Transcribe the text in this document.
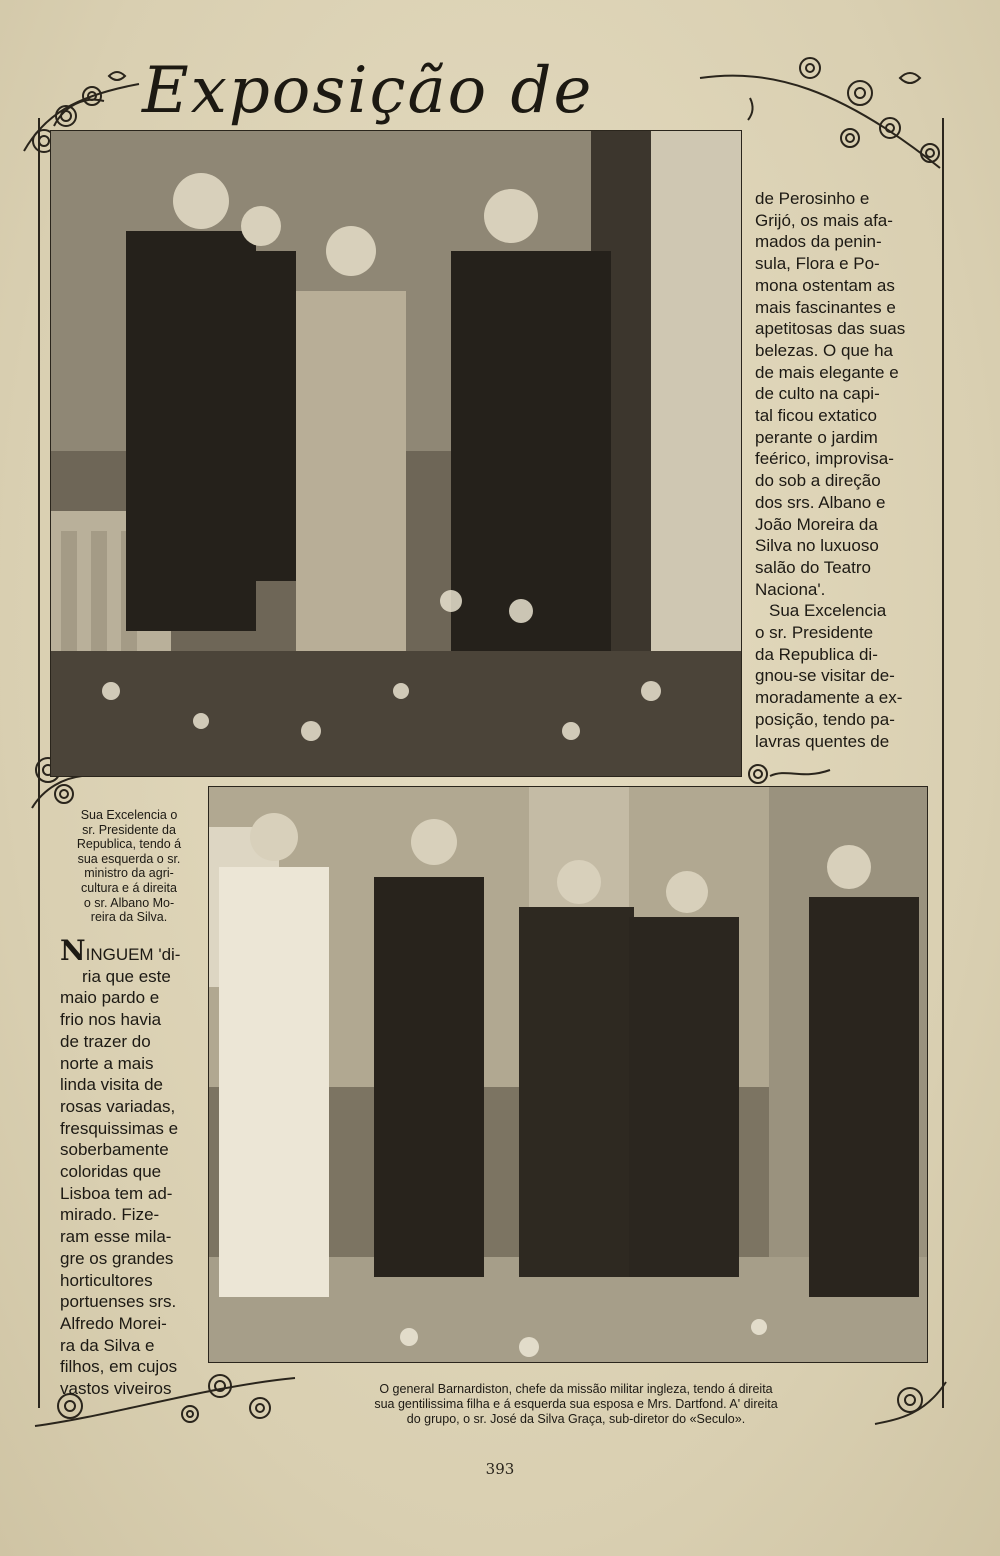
Exposição de
de Perosinho e
Grijó, os mais afa-
mados da penin-
sula, Flora e Po-
mona ostentam as
mais fascinantes e
apetitosas das suas
belezas. O que ha
de mais elegante e
de culto na capi-
tal ficou extatico
perante o jardim
feérico, improvisa-
do sob a direção
dos srs. Albano e
João Moreira da
Silva no luxuoso
salão do Teatro
Naciona'.
Sua Excelencia
o sr. Presidente
da Republica di-
gnou-se visitar de-
moradamente a ex-
posição, tendo pa-
lavras quentes de
Sua Excelencia o
sr. Presidente da
Republica, tendo á
sua esquerda o sr.
ministro da agri-
cultura e á direita
o sr. Albano Mo-
reira da Silva.
NINGUEM 'di-
ria que este
maio pardo e
frio nos havia
de trazer do
norte a mais
linda visita de
rosas variadas,
fresquissimas e
soberbamente
coloridas que
Lisboa tem ad-
mirado. Fize-
ram esse mila-
gre os grandes
horticultores
portuenses srs.
Alfredo Morei-
ra da Silva e
filhos, em cujos
vastos viveiros	O general Barnardiston, chefe da missão militar ingleza, tendo á direita
sua gentilissima filha e á esquerda sua esposa e Mrs. Dartfond. A' direita
do grupo, o sr. José da Silva Graça, sub-diretor do «Seculo».
393
